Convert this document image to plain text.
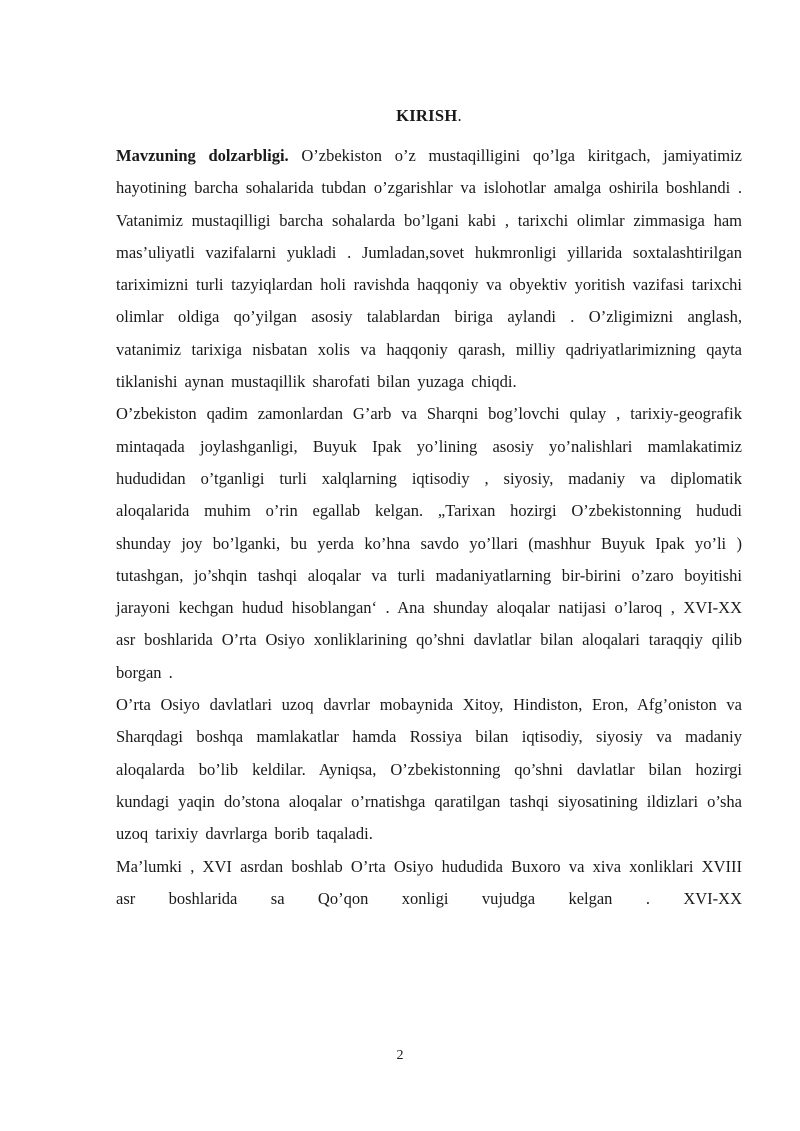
KIRISH.

Mavzuning dolzarbligi. O’zbekiston o’z mustaqilligini qo’lga kiritgach, jamiyatimiz hayotining barcha sohalarida tubdan o’zgarishlar va islohotlar amalga oshirila boshlandi . Vatanimiz mustaqilligi barcha sohalarda bo’lgani kabi , tarixchi olimlar zimmasiga ham mas’uliyatli vazifalarni yukladi . Jumladan,sovet hukmronligi yillarida soxtalashtirilgan tariximizni turli tazyiqlardan holi ravishda haqqoniy va obyektiv yoritish vazifasi tarixchi olimlar oldiga qo’yilgan asosiy talablardan biriga aylandi . O’zligimizni anglash, vatanimiz tarixiga nisbatan xolis va haqqoniy qarash, milliy qadriyatlarimizning qayta tiklanishi aynan mustaqillik sharofati bilan yuzaga chiqdi.

O’zbekiston qadim zamonlardan G’arb va Sharqni bog’lovchi qulay , tarixiy-geografik mintaqada joylashganligi, Buyuk Ipak yo’lining asosiy yo’nalishlari mamlakatimiz hududidan o’tganligi turli xalqlarning iqtisodiy , siyosiy, madaniy va diplomatik aloqalarida muhim o’rin egallab kelgan. „Tarixan hozirgi O’zbekistonning hududi shunday joy bo’lganki, bu yerda ko’hna savdo yo’llari (mashhur Buyuk Ipak yo’li ) tutashgan, jo’shqin tashqi aloqalar va turli madaniyatlarning bir-birini o’zaro boyitishi jarayoni kechgan hudud hisoblangan‘ . Ana shunday aloqalar natijasi o’laroq , XVI-XX asr boshlarida O’rta Osiyo xonliklarining qo’shni davlatlar bilan aloqalari taraqqiy qilib borgan .

O’rta Osiyo davlatlari uzoq davrlar mobaynida Xitoy, Hindiston, Eron, Afg’oniston va Sharqdagi boshqa mamlakatlar hamda Rossiya bilan iqtisodiy, siyosiy va madaniy aloqalarda bo’lib keldilar. Ayniqsa, O’zbekistonning qo’shni davlatlar bilan hozirgi kundagi yaqin do’stona aloqalar o’rnatishga qaratilgan tashqi siyosatining ildizlari o’sha uzoq tarixiy davrlarga borib taqaladi.

Ma’lumki , XVI asrdan boshlab O’rta Osiyo hududida Buxoro va xiva xonliklari XVIII asr boshlarida sa Qo’qon xonligi vujudga kelgan . XVI-XX

2
